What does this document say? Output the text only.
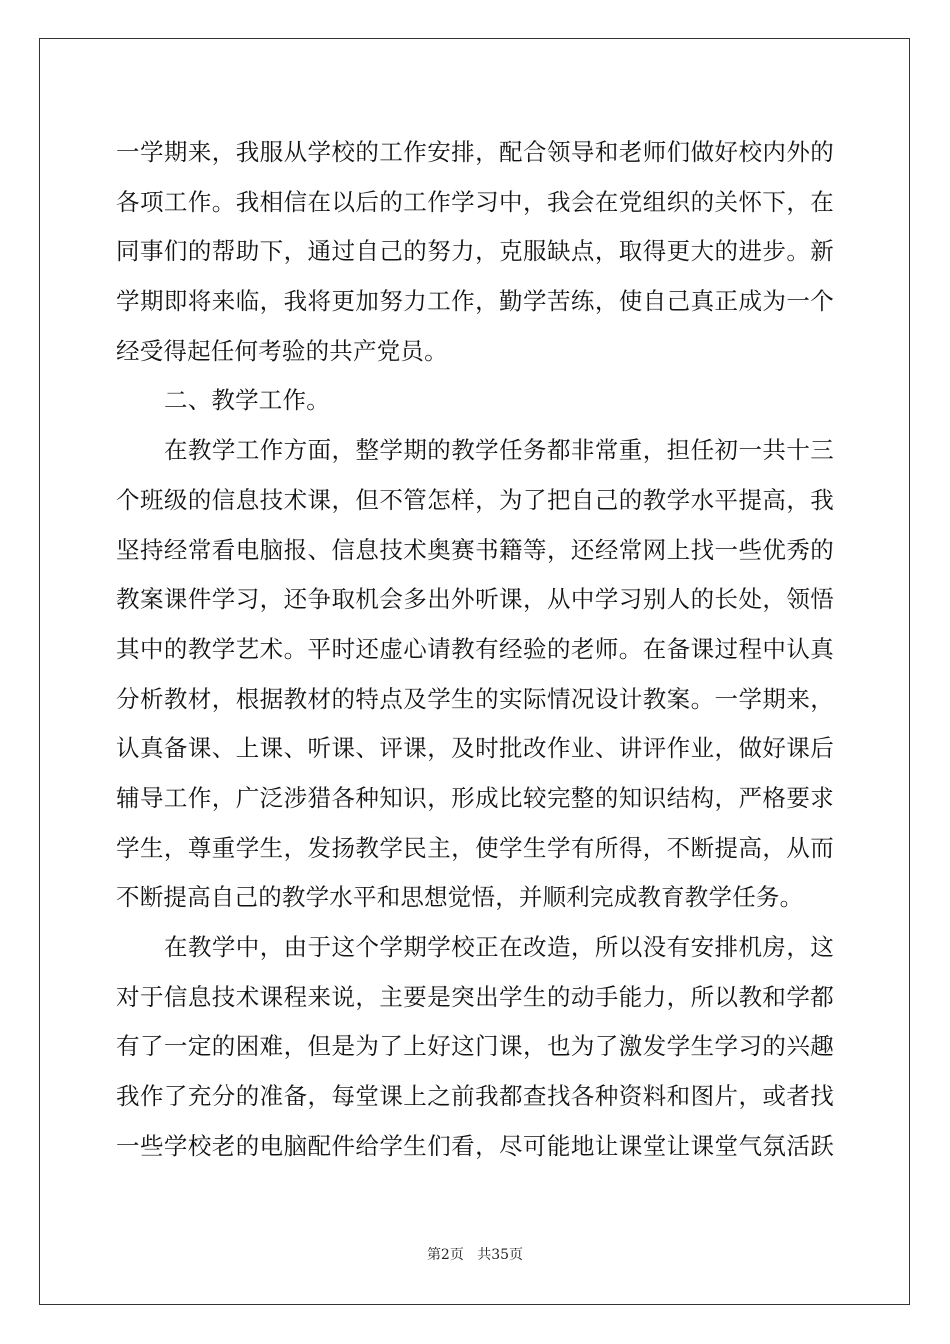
一学期来，我服从学校的工作安排，配合领导和老师们做好校内外的
各项工作。我相信在以后的工作学习中，我会在党组织的关怀下，在
同事们的帮助下，通过自己的努力，克服缺点，取得更大的进步。新
学期即将来临，我将更加努力工作，勤学苦练，使自己真正成为一个
经受得起任何考验的共产党员。
二、教学工作。
在教学工作方面，整学期的教学任务都非常重，担任初一共十三
个班级的信息技术课，但不管怎样，为了把自己的教学水平提高，我
坚持经常看电脑报、信息技术奥赛书籍等，还经常网上找一些优秀的
教案课件学习，还争取机会多出外听课，从中学习别人的长处，领悟
其中的教学艺术。平时还虚心请教有经验的老师。在备课过程中认真
分析教材，根据教材的特点及学生的实际情况设计教案。一学期来，
认真备课、上课、听课、评课，及时批改作业、讲评作业，做好课后
辅导工作，广泛涉猎各种知识，形成比较完整的知识结构，严格要求
学生，尊重学生，发扬教学民主，使学生学有所得，不断提高，从而
不断提高自己的教学水平和思想觉悟，并顺利完成教育教学任务。
在教学中，由于这个学期学校正在改造，所以没有安排机房，这
对于信息技术课程来说，主要是突出学生的动手能力，所以教和学都
有了一定的困难，但是为了上好这门课，也为了激发学生学习的兴趣
我作了充分的准备，每堂课上之前我都查找各种资料和图片，或者找
一些学校老的电脑配件给学生们看，尽可能地让课堂让课堂气氛活跃
第2页 共35页
